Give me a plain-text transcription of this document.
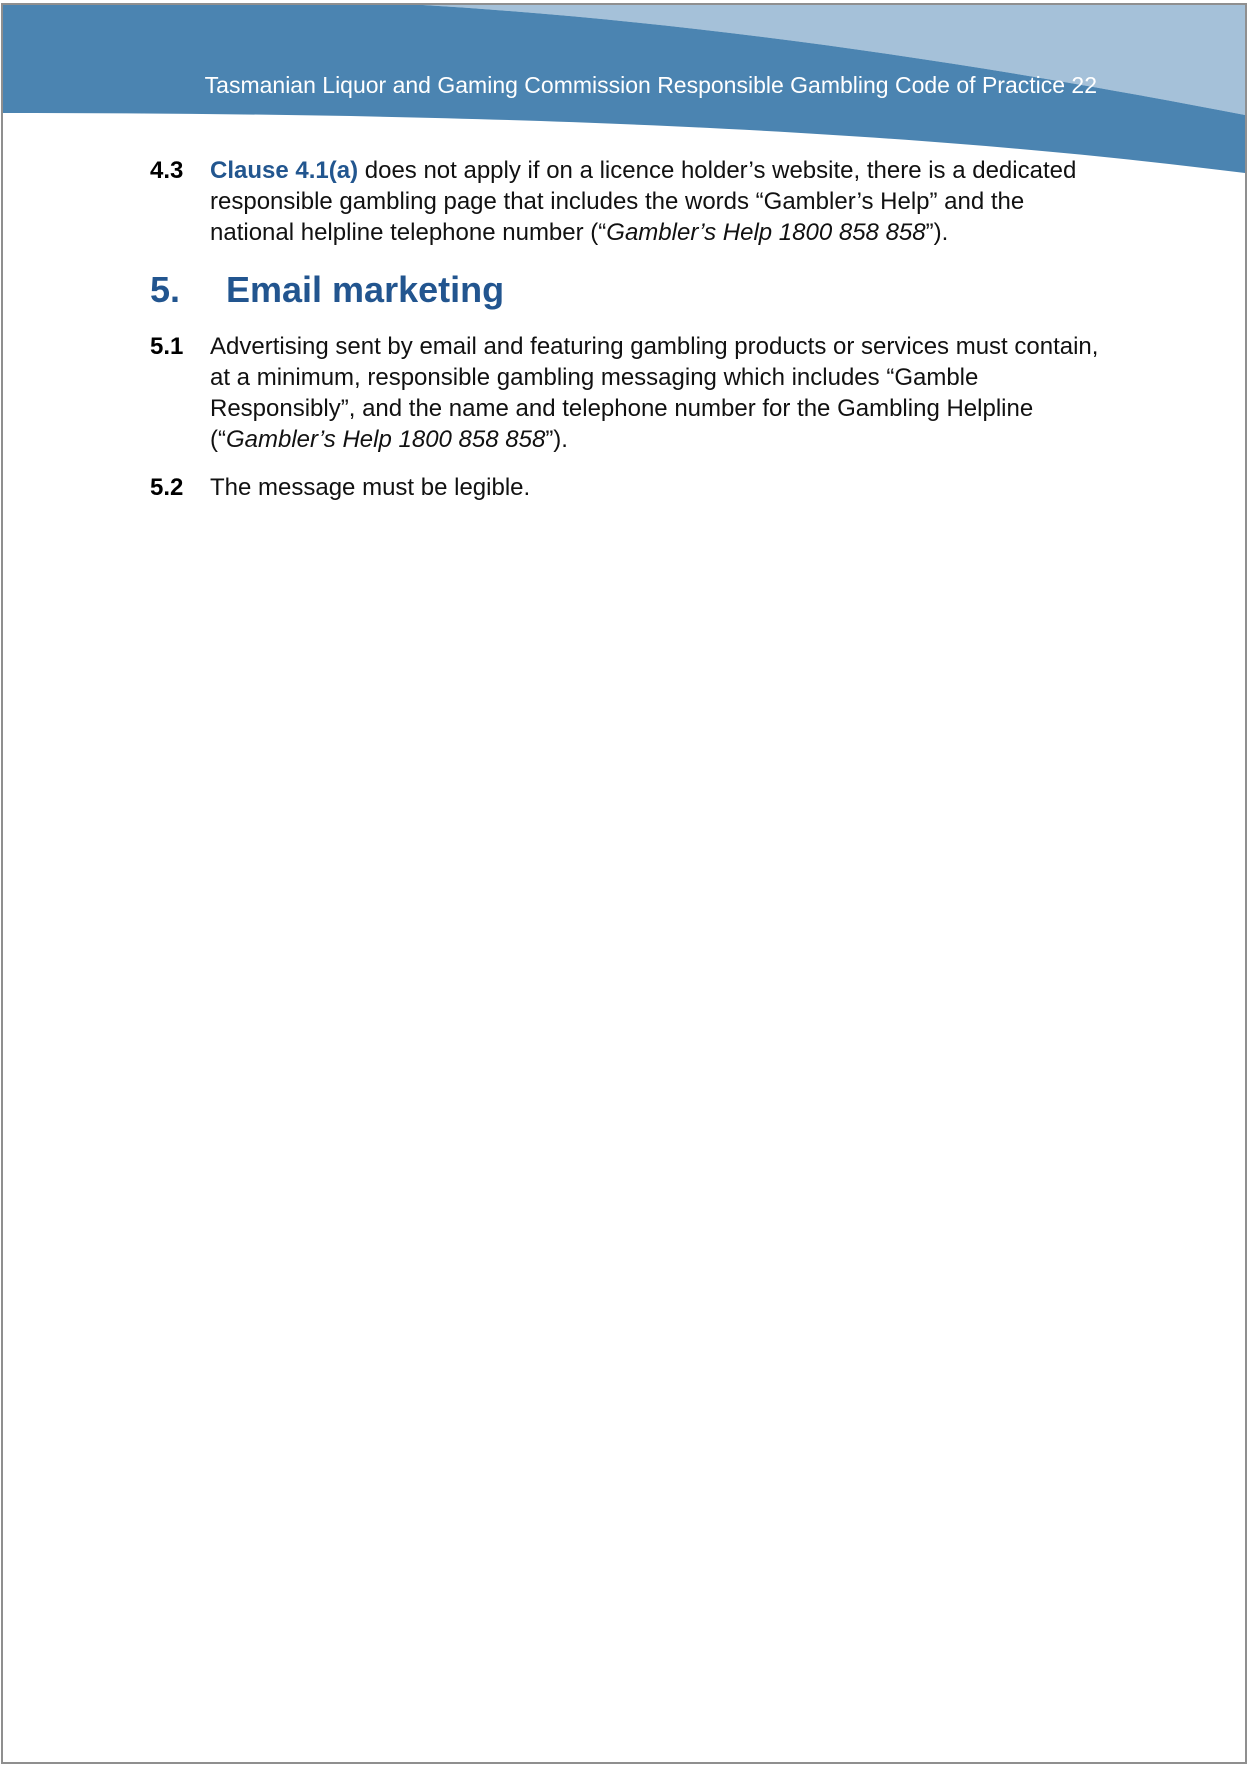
Tasmanian Liquor and Gaming Commission Responsible Gambling Code of Practice 22
4.3	Clause 4.1(a) does not apply if on a licence holder’s website, there is a dedicated responsible gambling page that includes the words “Gambler’s Help” and the national helpline telephone number (“Gambler’s Help 1800 858 858”).
5.	Email marketing
5.1	Advertising sent by email and featuring gambling products or services must contain, at a minimum, responsible gambling messaging which includes “Gamble Responsibly”, and the name and telephone number for the Gambling Helpline
(“Gambler’s Help 1800 858 858”).
5.2	The message must be legible.
